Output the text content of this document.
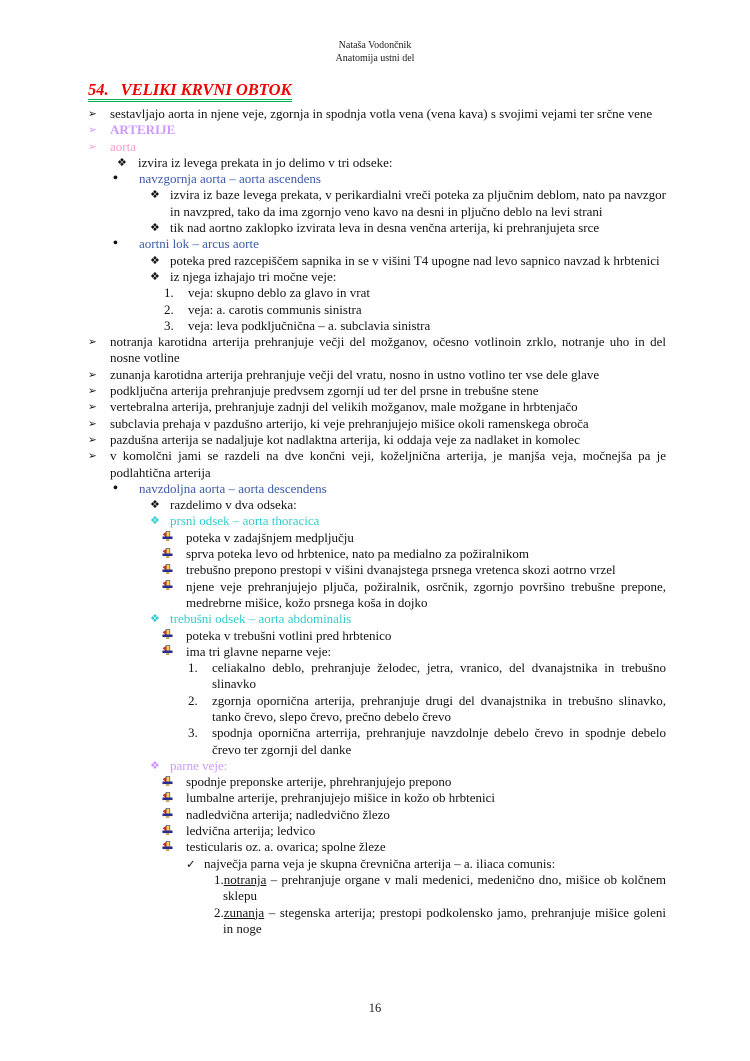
Nataša Vodončnik
Anatomija ustni del
54. VELIKI KRVNI OBTOK
➢	sestavljajo aorta in njene veje, zgornja in spodnja votla vena (vena kava) s svojimi vejami ter srčne vene
➢	ARTERIJE
➢	aorta
❖ izvira iz levega prekata in jo delimo v tri odseke:
•	navzgornja aorta – aorta ascendens
❖ izvira iz baze levega prekata, v perikardialni vreči poteka za pljučnim deblom, nato pa navzgor in navzpred, tako da ima zgornjo veno kavo na desni in pljučno deblo na levi strani
❖ tik nad aortno zaklopko izvirata leva in desna venčna arterija, ki prehranjujeta srce
•	aortni lok – arcus aorte
❖ poteka pred razcepiščem sapnika in se v višini T4 upogne nad levo sapnico navzad k hrbtenici
❖ iz njega izhajajo tri močne veje:
1.	veja: skupno deblo za glavo in vrat
2.	veja: a. carotis communis sinistra
3.	veja: leva podključnična – a. subclavia sinistra
➢	notranja karotidna arterija prehranjuje večji del možganov, očesno votlinoin zrklo, notranje uho in del nosne votline
➢	zunanja karotidna arterija prehranjuje večji del vratu, nosno in ustno votlino ter vse dele glave
➢	podključna arterija prehranjuje predvsem zgornji ud ter del prsne in trebušne stene
➢	vertebralna arterija, prehranjuje zadnji del velikih možganov, male možgane in hrbtenjačo
➢	subclavia prehaja v pazdušno arterijo, ki veje prehranjujejo mišice okoli ramenskega obroča
➢	pazdušna arterija se nadaljuje kot nadlaktna arterija, ki oddaja veje za nadlaket in komolec
➢	v komolčni jami se razdeli na dve končni veji, koželjnična arterija, je manjša veja, močnejša pa je podlahtična arterija
•	navzdoljna aorta – aorta descendens
❖ razdelimo v dva odseka:
❖ prsni odsek – aorta thoracica
poteka v zadajšnjem medpljučju
sprva poteka levo od hrbtenice, nato pa medialno za požiralnikom
trebušno prepono prestopi v višini dvanajstega prsnega vretenca skozi aotrno vrzel
njene veje prehranjujejo pljuča, požiralnik, osrčnik, zgornjo površino trebušne prepone, medrebrne mišice, kožo prsnega koša in dojko
❖ trebušni odsek – aorta abdominalis
poteka v trebušni votlini pred hrbtenico
ima tri glavne neparne veje:
1.	celiakalno deblo, prehranjuje želodec, jetra, vranico, del dvanajstnika in trebušno slinavko
2.	zgornja opornična arterija, prehranjuje drugi del dvanajstnika in trebušno slinavko, tanko črevo, slepo črevo, prečno debelo črevo
3.	spodnja opornična arterrija, prehranjuje navzdolnje debelo črevo in spodnje debelo črevo ter zgornji del danke
❖ parne veje:
spodnje preponske arterije, phrehranjujejo prepono
lumbalne arterije, prehranjujejo mišice in kožo ob hrbtenici
nadledvična arterija; nadledvično žlezo
ledvična arterija; ledvico
testicularis oz. a. ovarica; spolne žleze
✓ največja parna veja je skupna črevnična arterija – a. iliaca comunis:
1.notranja – prehranjuje organe v mali medenici, medenično dno, mišice ob kolčnem sklepu
2.zunanja – stegenska arterija; prestopi podkolensko jamo, prehranjuje mišice goleni in noge
16
